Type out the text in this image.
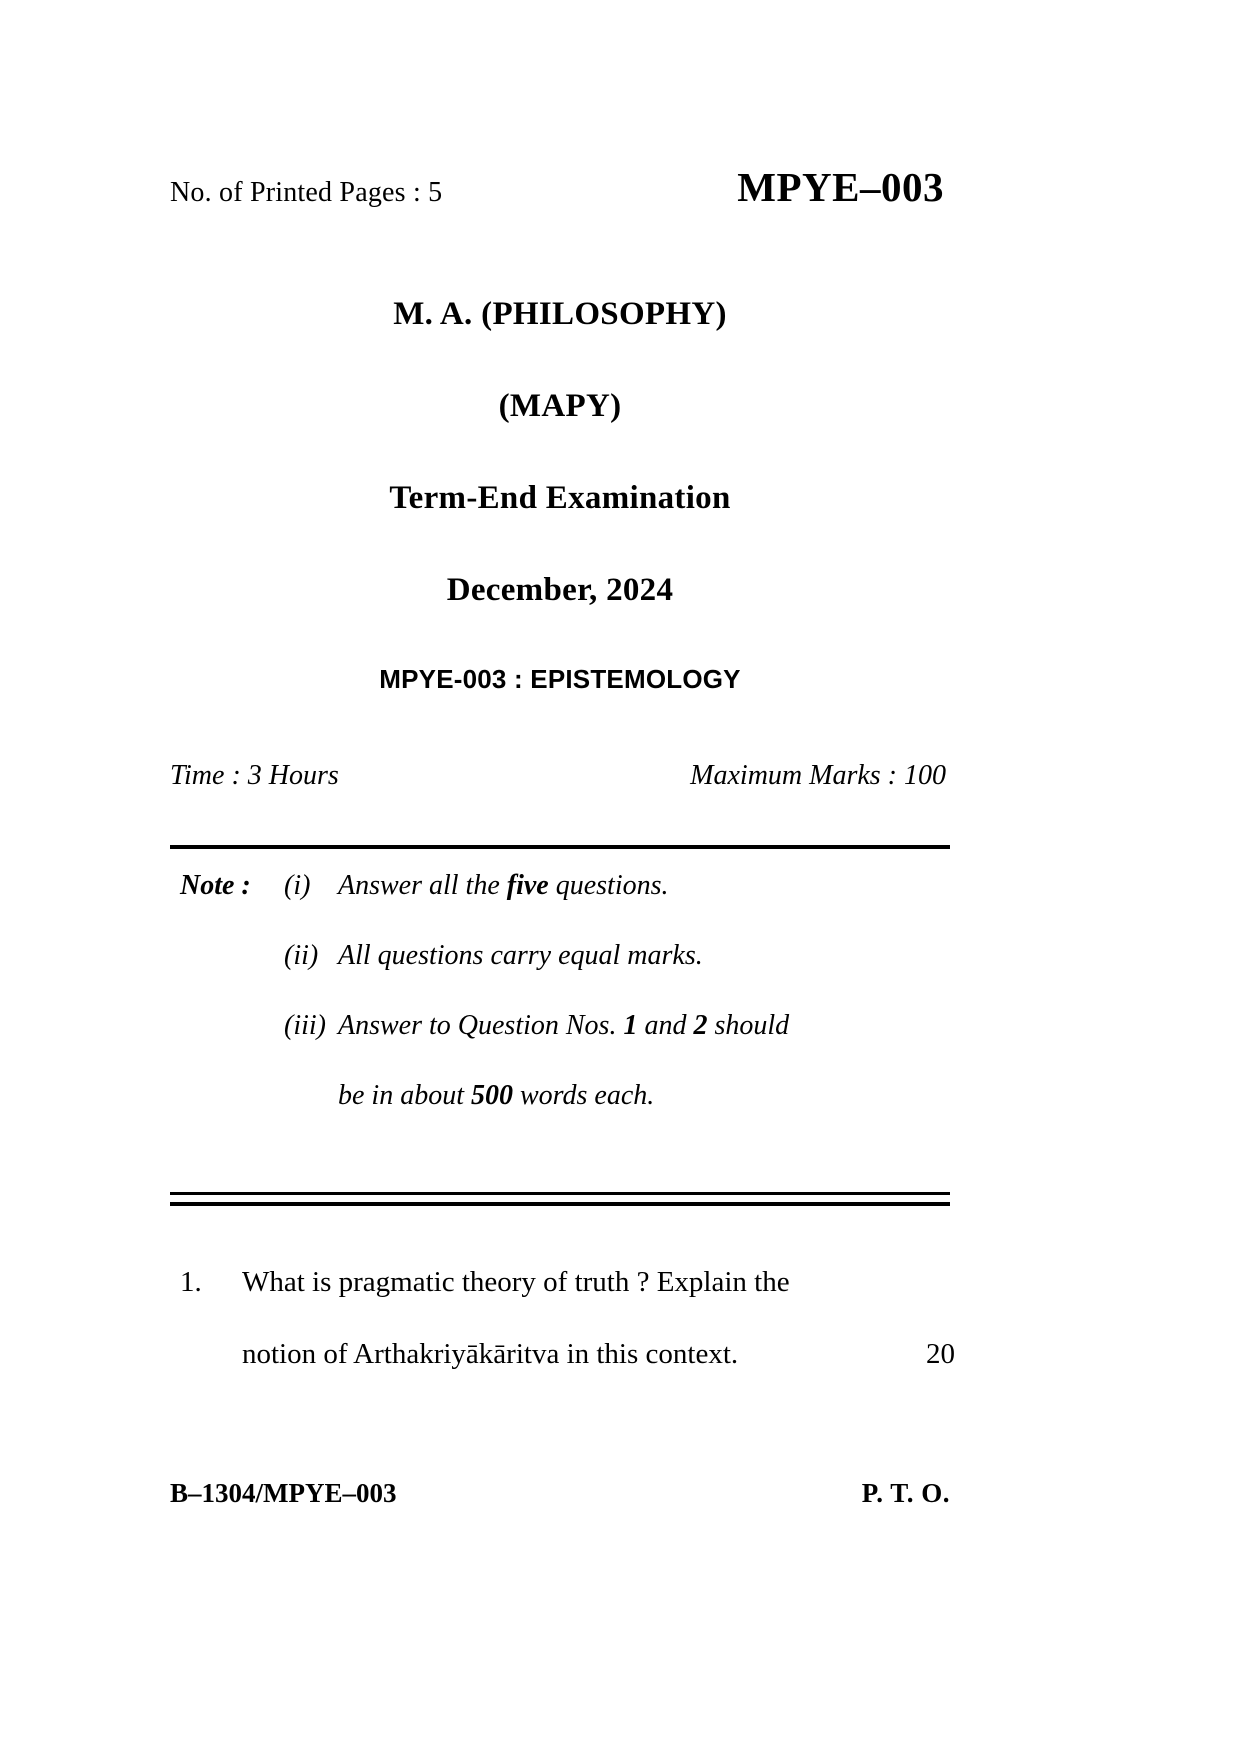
No. of Printed Pages : 5	MPYE–003
M. A. (PHILOSOPHY)
(MAPY)
Term-End Examination
December, 2024
MPYE-003 : EPISTEMOLOGY
Time : 3 Hours	Maximum Marks : 100
Note :	(i) Answer all the five questions.
(ii) All questions carry equal marks.
(iii) Answer to Question Nos. 1 and 2 should
be in about 500 words each.
1.	What is pragmatic theory of truth ? Explain the
notion of Arthakriyākāritva in this context.	20
B–1304/MPYE–003	P. T. O.
